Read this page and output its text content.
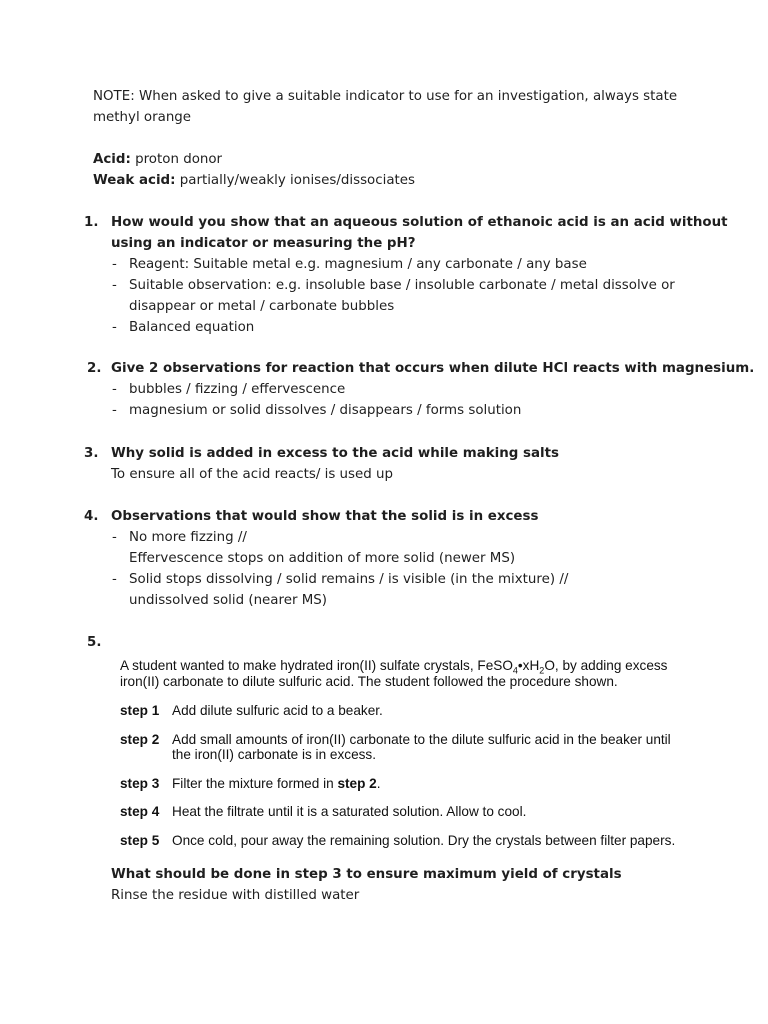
NOTE: When asked to give a suitable indicator to use for an investigation, always state
methyl orange
Acid: proton donor
Weak acid: partially/weakly ionises/dissociates
1. How would you show that an aqueous solution of ethanoic acid is an acid without
using an indicator or measuring the pH?
- Reagent: Suitable metal e.g. magnesium / any carbonate / any base
- Suitable observation: e.g. insoluble base / insoluble carbonate / metal dissolve or
disappear or metal / carbonate bubbles
- Balanced equation
2. Give 2 observations for reaction that occurs when dilute HCl reacts with magnesium.
- bubbles / fizzing / effervescence
- magnesium or solid dissolves / disappears / forms solution
3. Why solid is added in excess to the acid while making salts
To ensure all of the acid reacts/ is used up
4. Observations that would show that the solid is in excess
- No more fizzing //
Effervescence stops on addition of more solid (newer MS)
- Solid stops dissolving / solid remains / is visible (in the mixture) //
undissolved solid (nearer MS)
5.
A student wanted to make hydrated iron(II) sulfate crystals, $FeSO_4•xH_2O$, by adding excess
iron(II) carbonate to dilute sulfuric acid. The student followed the procedure shown.
step 1 Add dilute sulfuric acid to a beaker.
step 2 Add small amounts of iron(II) carbonate to the dilute sulfuric acid in the beaker until the iron(II) carbonate is in excess.
step 3 Filter the mixture formed in step 2.
step 4 Heat the filtrate until it is a saturated solution. Allow to cool.
step 5 Once cold, pour away the remaining solution. Dry the crystals between filter papers.
What should be done in step 3 to ensure maximum yield of crystals
Rinse the residue with distilled water
